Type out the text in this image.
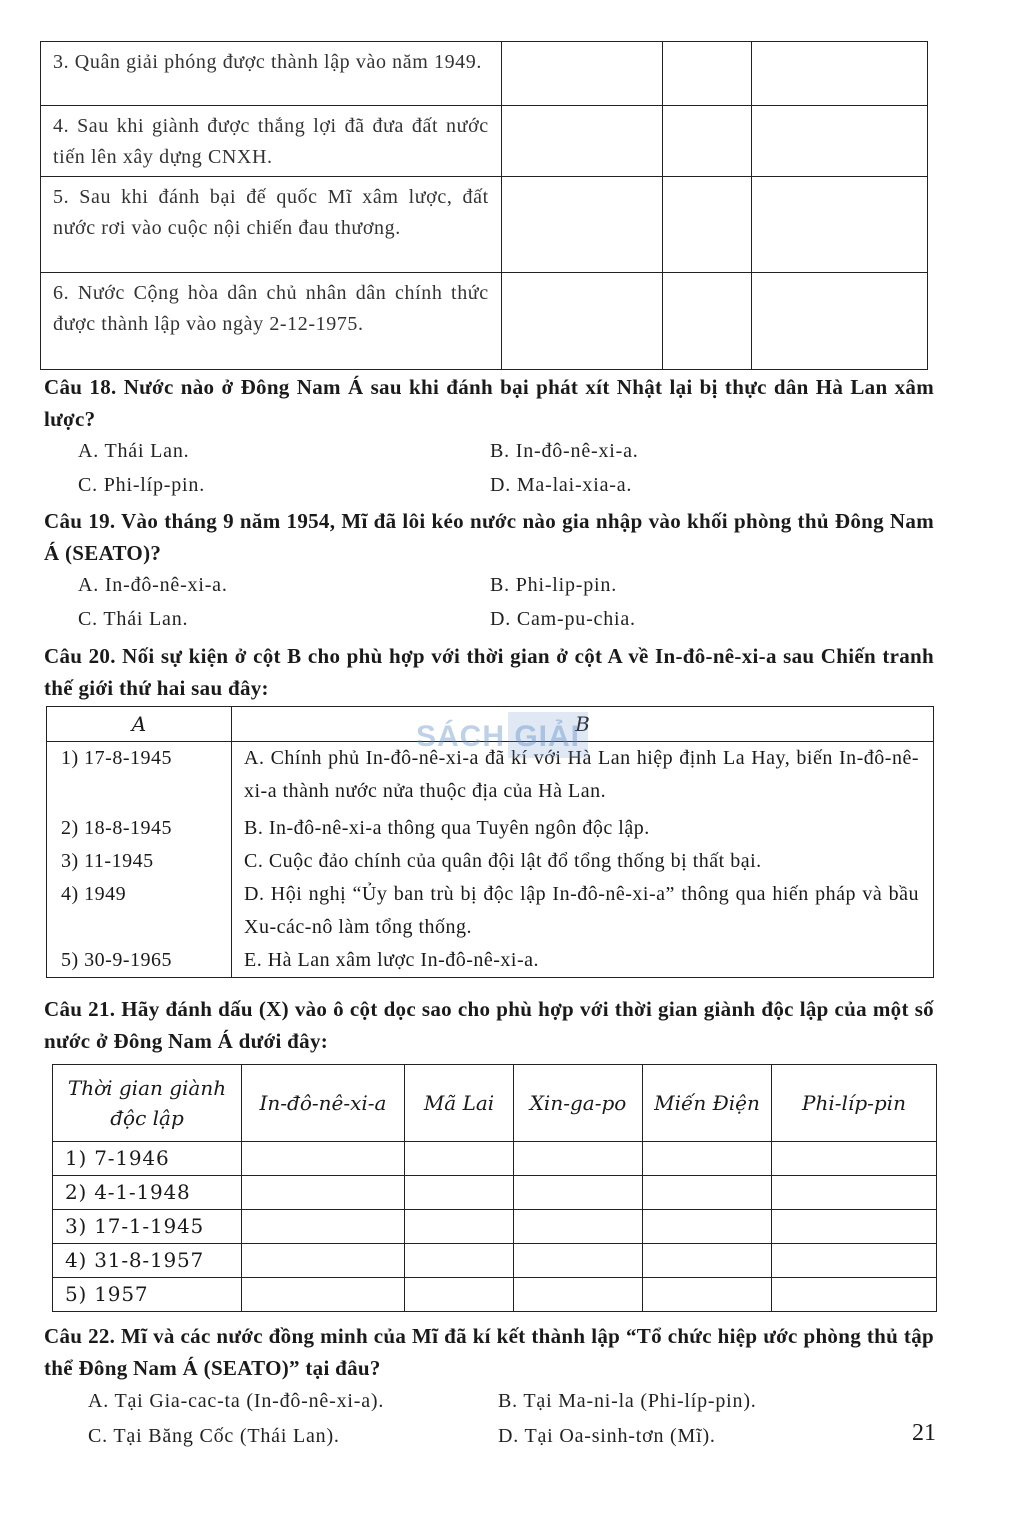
3. Quân giải phóng được thành lập vào năm 1949.			
4. Sau khi giành được thắng lợi đã đưa đất nước tiến lên xây dựng CNXH.			
5. Sau khi đánh bại đế quốc Mĩ xâm lược, đất nước rơi vào cuộc nội chiến đau thương.			
6. Nước Cộng hòa dân chủ nhân dân chính thức được thành lập vào ngày 2-12-1975.			
Câu 18. Nước nào ở Đông Nam Á sau khi đánh bại phát xít Nhật lại bị thực dân Hà Lan xâm lược?
A. Thái Lan.	B. In-đô-nê-xi-a.
C. Phi-líp-pin.	D. Ma-lai-xia-a.
Câu 19. Vào tháng 9 năm 1954, Mĩ đã lôi kéo nước nào gia nhập vào khối phòng thủ Đông Nam Á (SEATO)?
A. In-đô-nê-xi-a.	B. Phi-lip-pin.
C. Thái Lan.	D. Cam-pu-chia.
Câu 20. Nối sự kiện ở cột B cho phù hợp với thời gian ở cột A về In-đô-nê-xi-a sau Chiến tranh thế giới thứ hai sau đây:
A	B
1) 17-8-1945	A. Chính phủ In-đô-nê-xi-a đã kí với Hà Lan hiệp định La Hay, biến In-đô-nê-xi-a thành nước nửa thuộc địa của Hà Lan.
2) 18-8-1945	B. In-đô-nê-xi-a thông qua Tuyên ngôn độc lập.
3) 11-1945	C. Cuộc đảo chính của quân đội lật đổ tổng thống bị thất bại.
4) 1949	D. Hội nghị “Ủy ban trù bị độc lập In-đô-nê-xi-a” thông qua hiến pháp và bầu Xu-các-nô làm tổng thống.
5) 30-9-1965	E. Hà Lan xâm lược In-đô-nê-xi-a.
SÁCH GIẢI
Câu 21. Hãy đánh dấu (X) vào ô cột dọc sao cho phù hợp với thời gian giành độc lập của một số nước ở Đông Nam Á dưới đây:
Thời gian giành độc lập	In-đô-nê-xi-a	Mã Lai	Xin-ga-po	Miến Điện	Phi-líp-pin
1) 7-1946					
2) 4-1-1948					
3) 17-1-1945					
4) 31-8-1957					
5) 1957					
Câu 22. Mĩ và các nước đồng minh của Mĩ đã kí kết thành lập “Tổ chức hiệp ước phòng thủ tập thể Đông Nam Á (SEATO)” tại đâu?
A. Tại Gia-cac-ta (In-đô-nê-xi-a).	B. Tại Ma-ni-la (Phi-líp-pin).
C. Tại Băng Cốc (Thái Lan).	D. Tại Oa-sinh-tơn (Mĩ).	21
